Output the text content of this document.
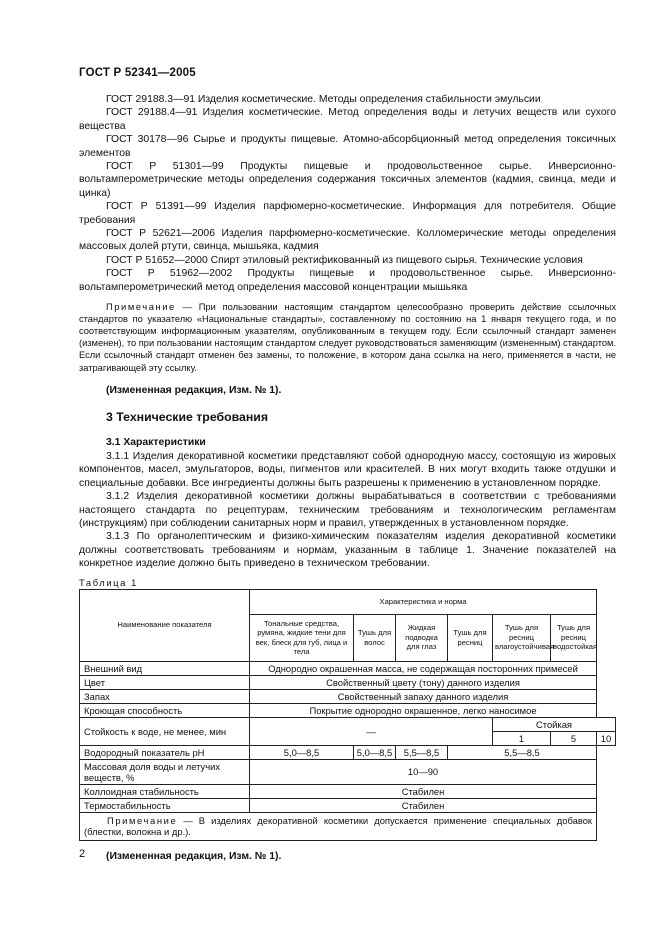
ГОСТ Р 52341—2005

ГОСТ 29188.3—91 Изделия косметические. Методы определения стабильности эмульсии

ГОСТ 29188.4—91 Изделия косметические. Метод определения воды и летучих веществ или сухого вещества

ГОСТ 30178—96 Сырье и продукты пищевые. Атомно-абсорбционный метод определения токсичных элементов

ГОСТ Р 51301—99 Продукты пищевые и продовольственное сырье. Инверсионно-вольтамперометрические методы определения содержания токсичных элементов (кадмия, свинца, меди и цинка)

ГОСТ Р 51391—99 Изделия парфюмерно-косметические. Информация для потребителя. Общие требования

ГОСТ Р 52621—2006 Изделия парфюмерно-косметические. Колломерические методы определения массовых долей ртути, свинца, мышьяка, кадмия

ГОСТ Р 51652—2000 Спирт этиловый ректификованный из пищевого сырья. Технические условия

ГОСТ Р 51962—2002 Продукты пищевые и продовольственное сырье. Инверсионно-вольтамперометрический метод определения массовой концентрации мышьяка

Примечание — При пользовании настоящим стандартом целесообразно проверить действие ссылочных стандартов по указателю «Национальные стандарты», составленному по состоянию на 1 января текущего года, и по соответствующим информационным указателям, опубликованным в текущем году. Если ссылочный стандарт заменен (изменен), то при пользовании настоящим стандартом следует руководствоваться заменяющим (измененным) стандартом. Если ссылочный стандарт отменен без замены, то положение, в котором дана ссылка на него, применяется в части, не затрагивающей эту ссылку.

(Измененная редакция, Изм. № 1).

3 Технические требования
3.1 Характеристики

3.1.1 Изделия декоративной косметики представляют собой однородную массу, состоящую из жировых компонентов, масел, эмульгаторов, воды, пигментов или красителей. В них могут входить также отдушки и специальные добавки. Все ингредиенты должны быть разрешены к применению в установленном порядке.

3.1.2 Изделия декоративной косметики должны вырабатываться в соответствии с требованиями настоящего стандарта по рецептурам, техническим требованиям и технологическим регламентам (инструкциям) при соблюдении санитарных норм и правил, утвержденных в установленном порядке.

3.1.3 По органолептическим и физико-химическим показателям изделия декоративной косметики должны соответствовать требованиям и нормам, указанным в таблице 1. Значение показателей на конкретное изделие должно быть приведено в техническом требовании.

Таблица 1
Наименование показателя	Характеристика и норма						
	Тональные средства, румяна, жидкие тени для век, блеск для губ, лица и тела	Тушь для волос	Жидкая подводка для глаз	Тушь для ресниц	Тушь для ресниц влагоустойчивая	Тушь для ресниц водостойкая	
Внешний вид	Однородно окрашенная масса, не содержащая посторонних примесей						
Цвет	Свойственный цвету (тону) данного изделия						
Запах	Свойственный запаху данного изделия						
Кроющая способность	Покрытие однородно окрашенное, легко наносимое						
Стойкость к воде, не менее, мин	—				Стойкая		
					1	5	10
Водородный показатель pH	5,0—8,5	5,0—8,5	5,5—8,5	5,5—8,5			
Массовая доля воды и летучих веществ, %	10—90						
Коллоидная стабильность	Стабилен						
Термостабильность	Стабилен						
Примечание — В изделиях декоративной косметики допускается применение специальных добавок (блестки, волокна и др.).							

(Измененная редакция, Изм. № 1).

2
